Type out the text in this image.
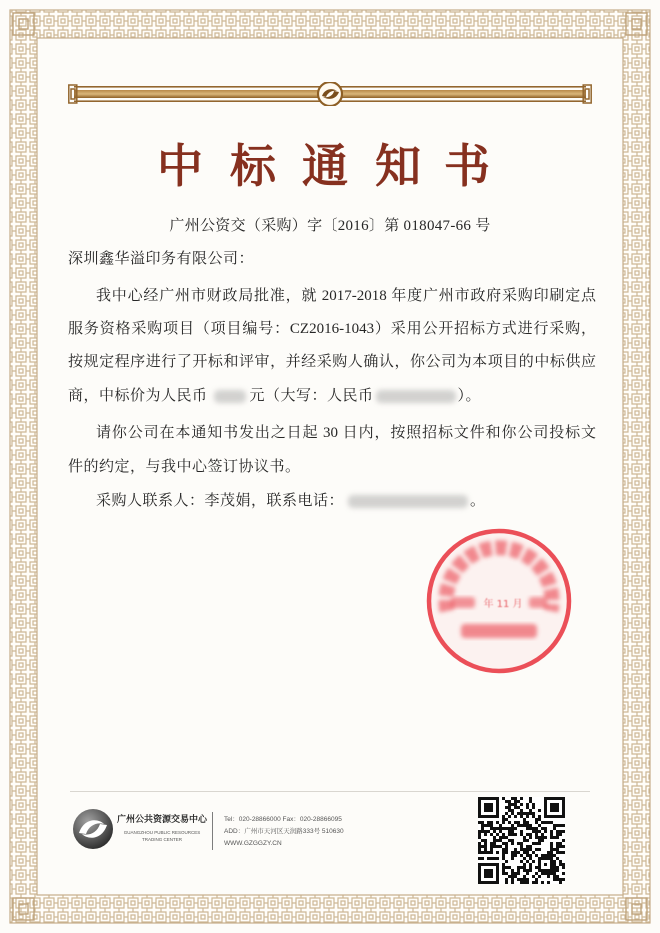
中 标 通 知 书
广州公资交（采购）字〔2016〕第 018047-66 号
深圳鑫华溢印务有限公司：
我中心经广州市财政局批准，就 2017-2018 年度广州市政府采购印刷定点
服务资格采购项目（项目编号：CZ2016-1043）采用公开招标方式进行采购，
按规定程序进行了开标和评审，并经采购人确认，你公司为本项目的中标供应
商，中标价为人民币	元（大写：人民币	）。
请你公司在本通知书发出之日起 30 日内，按照招标文件和你公司投标文
件的约定，与我中心签订协议书。
采购人联系人：李茂娟，联系电话：	。
年 11 月
广州公共资源交易中心
GUANGZHOU PUBLIC RESOURCES
TRADING CENTER
Tel：020-28866000 Fax：020-28866095
ADD：广州市天河区天润路333号 510630
WWW.GZGGZY.CN
